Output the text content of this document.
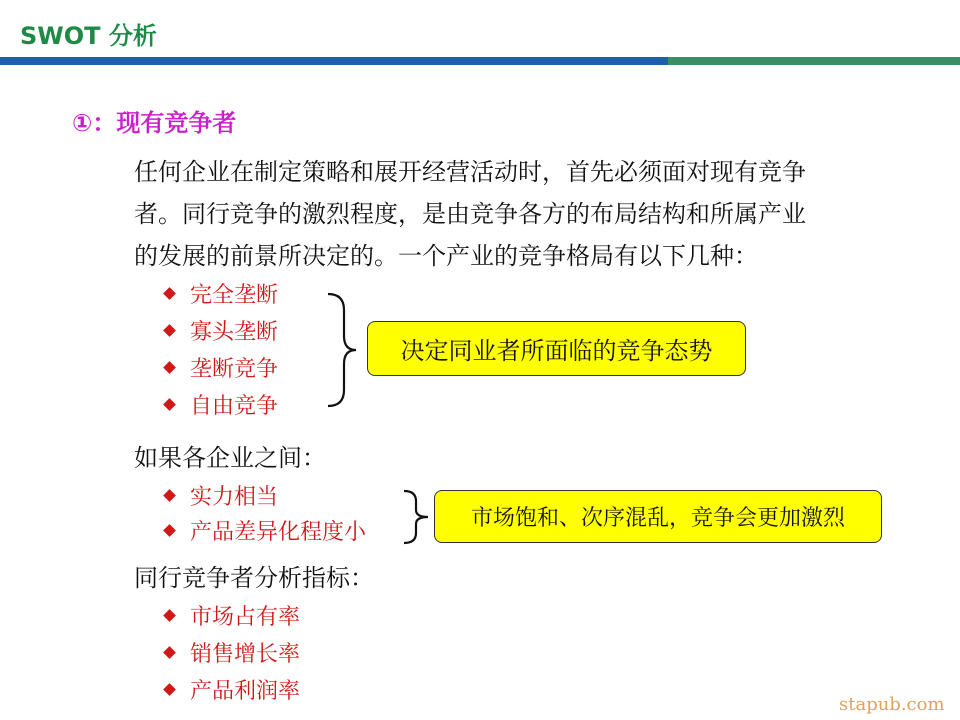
SWOT 分析
①：现有竞争者
任何企业在制定策略和展开经营活动时，首先必须面对现有竞争
者。同行竞争的激烈程度，是由竞争各方的布局结构和所属产业
的发展的前景所决定的。一个产业的竞争格局有以下几种：
完全垄断
寡头垄断
垄断竞争
自由竞争
决定同业者所面临的竞争态势
如果各企业之间：
实力相当
产品差异化程度小
市场饱和、次序混乱，竞争会更加激烈
同行竞争者分析指标：
市场占有率
销售增长率
产品利润率
stapub.com
